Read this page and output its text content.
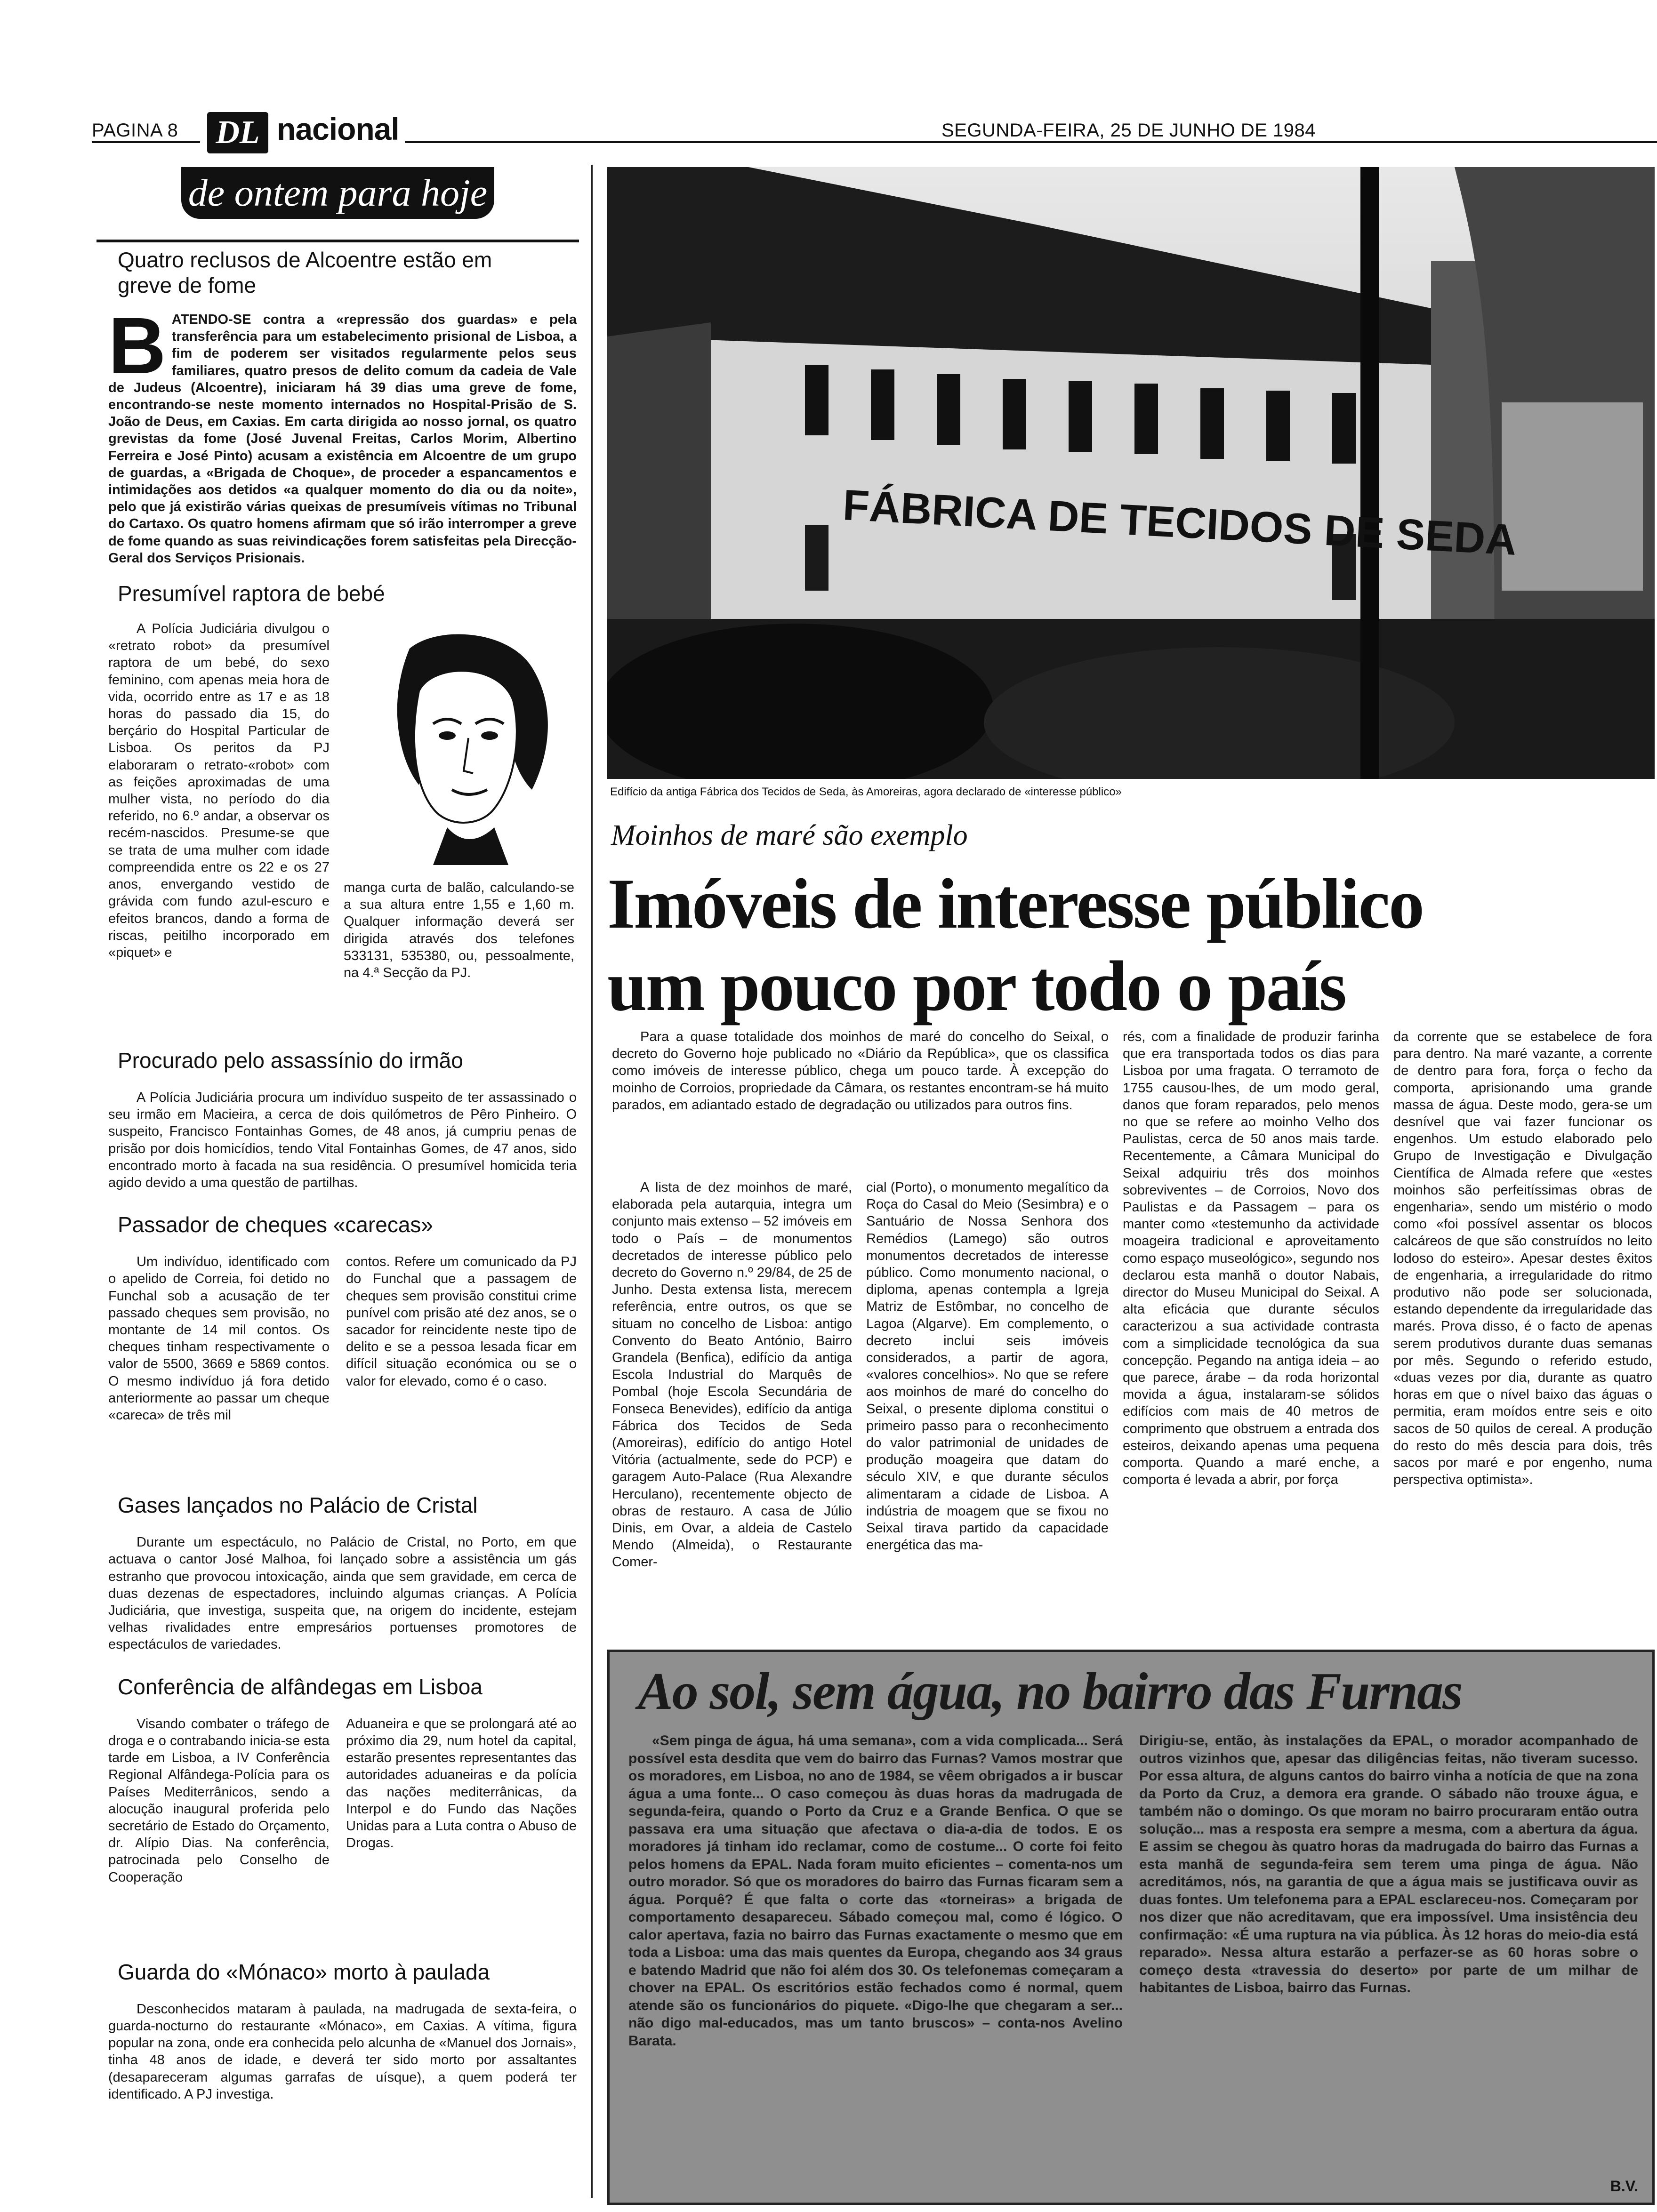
PAGINA 8 DL nacional	SEGUNDA-FEIRA, 25 DE JUNHO DE 1984
de ontem para hoje
Quatro reclusos de Alcoentre estão em greve de fome
B ATENDO-SE contra a «repressão dos guardas» e pela transferência para um estabelecimento prisional de Lisboa, a fim de poderem ser visitados regularmente pelos seus familiares, quatro presos de delito comum da cadeia de Vale de Judeus (Alcoentre), iniciaram há 39 dias uma greve de fome, encontrando-se neste momento internados no Hospital-Prisão de S. João de Deus, em Caxias. Em carta dirigida ao nosso jornal, os quatro grevistas da fome (José Juvenal Freitas, Carlos Morim, Albertino Ferreira e José Pinto) acusam a existência em Alcoentre de um grupo de guardas, a «Brigada de Choque», de proceder a espancamentos e intimidações aos detidos «a qualquer momento do dia ou da noite», pelo que já existirão várias queixas de presumíveis vítimas no Tribunal do Cartaxo. Os quatro homens afirmam que só irão interromper a greve de fome quando as suas reivindicações forem satisfeitas pela Direcção-Geral dos Serviços Prisionais.
Presumível raptora de bebé
A Polícia Judiciária divulgou o «retrato robot» da presumível raptora de um bebé, do sexo feminino, com apenas meia hora de vida, ocorrido entre as 17 e as 18 horas do passado dia 15, do berçário do Hospital Particular de Lisboa. Os peritos da PJ elaboraram o retrato-«robot» com as feições aproximadas de uma mulher vista, no período do dia referido, no 6.º andar, a observar os recém-nascidos. Presume-se que se trata de uma mulher com idade compreendida entre os 22 e os 27 anos, envergando vestido de grávida com fundo azul-escuro e efeitos brancos, dando a forma de riscas, peitilho incorporado em «piquet» e
manga curta de balão, calculando-se a sua altura entre 1,55 e 1,60 m. Qualquer informação deverá ser dirigida através dos telefones 533131, 535380, ou, pessoalmente, na 4.ª Secção da PJ.
Procurado pelo assassínio do irmão
A Polícia Judiciária procura um indivíduo suspeito de ter assassinado o seu irmão em Macieira, a cerca de dois quilómetros de Pêro Pinheiro. O suspeito, Francisco Fontainhas Gomes, de 48 anos, já cumpriu penas de prisão por dois homicídios, tendo Vital Fontainhas Gomes, de 47 anos, sido encontrado morto à facada na sua residência. O presumível homicida teria agido devido a uma questão de partilhas.
Passador de cheques «carecas»
Um indivíduo, identificado com o apelido de Correia, foi detido no Funchal sob a acusação de ter passado cheques sem provisão, no montante de 14 mil contos. Os cheques tinham respectivamente o valor de 5500, 3669 e 5869 contos. O mesmo indivíduo já fora detido anteriormente ao passar um cheque «careca» de três mil
contos. Refere um comunicado da PJ do Funchal que a passagem de cheques sem provisão constitui crime punível com prisão até dez anos, se o sacador for reincidente neste tipo de delito e se a pessoa lesada ficar em difícil situação económica ou se o valor for elevado, como é o caso.
Gases lançados no Palácio de Cristal
Durante um espectáculo, no Palácio de Cristal, no Porto, em que actuava o cantor José Malhoa, foi lançado sobre a assistência um gás estranho que provocou intoxicação, ainda que sem gravidade, em cerca de duas dezenas de espectadores, incluindo algumas crianças. A Polícia Judiciária, que investiga, suspeita que, na origem do incidente, estejam velhas rivalidades entre empresários portuenses promotores de espectáculos de variedades.
Conferência de alfândegas em Lisboa
Visando combater o tráfego de droga e o contrabando inicia-se esta tarde em Lisboa, a IV Conferência Regional Alfândega-Polícia para os Países Mediterrânicos, sendo a alocução inaugural proferida pelo secretário de Estado do Orçamento, dr. Alípio Dias. Na conferência, patrocinada pelo Conselho de Cooperação
Aduaneira e que se prolongará até ao próximo dia 29, num hotel da capital, estarão presentes representantes das autoridades aduaneiras e da polícia das nações mediterrânicas, da Interpol e do Fundo das Nações Unidas para a Luta contra o Abuso de Drogas.
Guarda do «Mónaco» morto à paulada
Desconhecidos mataram à paulada, na madrugada de sexta-feira, o guarda-nocturno do restaurante «Mónaco», em Caxias. A vítima, figura popular na zona, onde era conhecida pelo alcunha de «Manuel dos Jornais», tinha 48 anos de idade, e deverá ter sido morto por assaltantes (desapareceram algumas garrafas de uísque), a quem poderá ter identificado. A PJ investiga.
FÁBRICA DE TECIDOS DE SEDA
Edifício da antiga Fábrica dos Tecidos de Seda, às Amoreiras, agora declarado de «interesse público»
Moinhos de maré são exemplo
Imóveis de interesse público
um pouco por todo o país
Para a quase totalidade dos moinhos de maré do concelho do Seixal, o decreto do Governo hoje publicado no «Diário da República», que os classifica como imóveis de interesse público, chega um pouco tarde. À excepção do moinho de Corroios, propriedade da Câmara, os restantes encontram-se há muito parados, em adiantado estado de degradação ou utilizados para outros fins.
A lista de dez moinhos de maré, elaborada pela autarquia, integra um conjunto mais extenso – 52 imóveis em todo o País – de monumentos decretados de interesse público pelo decreto do Governo n.º 29/84, de 25 de Junho. Desta extensa lista, merecem referência, entre outros, os que se situam no concelho de Lisboa: antigo Convento do Beato António, Bairro Grandela (Benfica), edifício da antiga Escola Industrial do Marquês de Pombal (hoje Escola Secundária de Fonseca Benevides), edifício da antiga Fábrica dos Tecidos de Seda (Amoreiras), edifício do antigo Hotel Vitória (actualmente, sede do PCP) e garagem Auto-Palace (Rua Alexandre Herculano), recentemente objecto de obras de restauro. A casa de Júlio Dinis, em Ovar, a aldeia de Castelo Mendo (Almeida), o Restaurante Comer-
cial (Porto), o monumento megalítico da Roça do Casal do Meio (Sesimbra) e o Santuário de Nossa Senhora dos Remédios (Lamego) são outros monumentos decretados de interesse público. Como monumento nacional, o diploma, apenas contempla a Igreja Matriz de Estômbar, no concelho de Lagoa (Algarve). Em complemento, o decreto inclui seis imóveis considerados, a partir de agora, «valores concelhios». No que se refere aos moinhos de maré do concelho do Seixal, o presente diploma constitui o primeiro passo para o reconhecimento do valor patrimonial de unidades de produção moageira que datam do século XIV, e que durante séculos alimentaram a cidade de Lisboa. A indústria de moagem que se fixou no Seixal tirava partido da capacidade energética das ma-
rés, com a finalidade de produzir farinha que era transportada todos os dias para Lisboa por uma fragata. O terramoto de 1755 causou-lhes, de um modo geral, danos que foram reparados, pelo menos no que se refere ao moinho Velho dos Paulistas, cerca de 50 anos mais tarde. Recentemente, a Câmara Municipal do Seixal adquiriu três dos moinhos sobreviventes – de Corroios, Novo dos Paulistas e da Passagem – para os manter como «testemunho da actividade moageira tradicional e aproveitamento como espaço museológico», segundo nos declarou esta manhã o doutor Nabais, director do Museu Municipal do Seixal. A alta eficácia que durante séculos caracterizou a sua actividade contrasta com a simplicidade tecnológica da sua concepção. Pegando na antiga ideia – ao que parece, árabe – da roda horizontal movida a água, instalaram-se sólidos edifícios com mais de 40 metros de comprimento que obstruem a entrada dos esteiros, deixando apenas uma pequena comporta. Quando a maré enche, a comporta é levada a abrir, por força
da corrente que se estabelece de fora para dentro. Na maré vazante, a corrente de dentro para fora, força o fecho da comporta, aprisionando uma grande massa de água. Deste modo, gera-se um desnível que vai fazer funcionar os engenhos. Um estudo elaborado pelo Grupo de Investigação e Divulgação Científica de Almada refere que «estes moinhos são perfeitíssimas obras de engenharia», sendo um mistério o modo como «foi possível assentar os blocos calcáreos de que são construídos no leito lodoso do esteiro». Apesar destes êxitos de engenharia, a irregularidade do ritmo produtivo não pode ser solucionada, estando dependente da irregularidade das marés. Prova disso, é o facto de apenas serem produtivos durante duas semanas por mês. Segundo o referido estudo, «duas vezes por dia, durante as quatro horas em que o nível baixo das águas o permitia, eram moídos entre seis e oito sacos de 50 quilos de cereal. A produção do resto do mês descia para dois, três sacos por maré e por engenho, numa perspectiva optimista».
Ao sol, sem água, no bairro das Furnas
«Sem pinga de água, há uma semana», com a vida complicada... Será possível esta desdita que vem do bairro das Furnas? Vamos mostrar que os moradores, em Lisboa, no ano de 1984, se vêem obrigados a ir buscar água a uma fonte... O caso começou às duas horas da madrugada de segunda-feira, quando o Porto da Cruz e a Grande Benfica. O que se passava era uma situação que afectava o dia-a-dia de todos. E os moradores já tinham ido reclamar, como de costume... O corte foi feito pelos homens da EPAL. Nada foram muito eficientes – comenta-nos um outro morador. Só que os moradores do bairro das Furnas ficaram sem a água. Porquê? É que falta o corte das «torneiras» a brigada de comportamento desapareceu. Sábado começou mal, como é lógico. O calor apertava, fazia no bairro das Furnas exactamente o mesmo que em toda a Lisboa: uma das mais quentes da Europa, chegando aos 34 graus e batendo Madrid que não foi além dos 30. Os telefonemas começaram a chover na EPAL. Os escritórios estão fechados como é normal, quem atende são os funcionários do piquete. «Digo-lhe que chegaram a ser... não digo mal-educados, mas um tanto bruscos» – conta-nos Avelino Barata.
Dirigiu-se, então, às instalações da EPAL, o morador acompanhado de outros vizinhos que, apesar das diligências feitas, não tiveram sucesso. Por essa altura, de alguns cantos do bairro vinha a notícia de que na zona da Porto da Cruz, a demora era grande. O sábado não trouxe água, e também não o domingo. Os que moram no bairro procuraram então outra solução... mas a resposta era sempre a mesma, com a abertura da água. E assim se chegou às quatro horas da madrugada do bairro das Furnas a esta manhã de segunda-feira sem terem uma pinga de água. Não acreditámos, nós, na garantia de que a água mais se justificava ouvir as duas fontes. Um telefonema para a EPAL esclareceu-nos. Começaram por nos dizer que não acreditavam, que era impossível. Uma insistência deu confirmação: «É uma ruptura na via pública. Às 12 horas do meio-dia está reparado». Nessa altura estarão a perfazer-se as 60 horas sobre o começo desta «travessia do deserto» por parte de um milhar de habitantes de Lisboa, bairro das Furnas.
B.V.
